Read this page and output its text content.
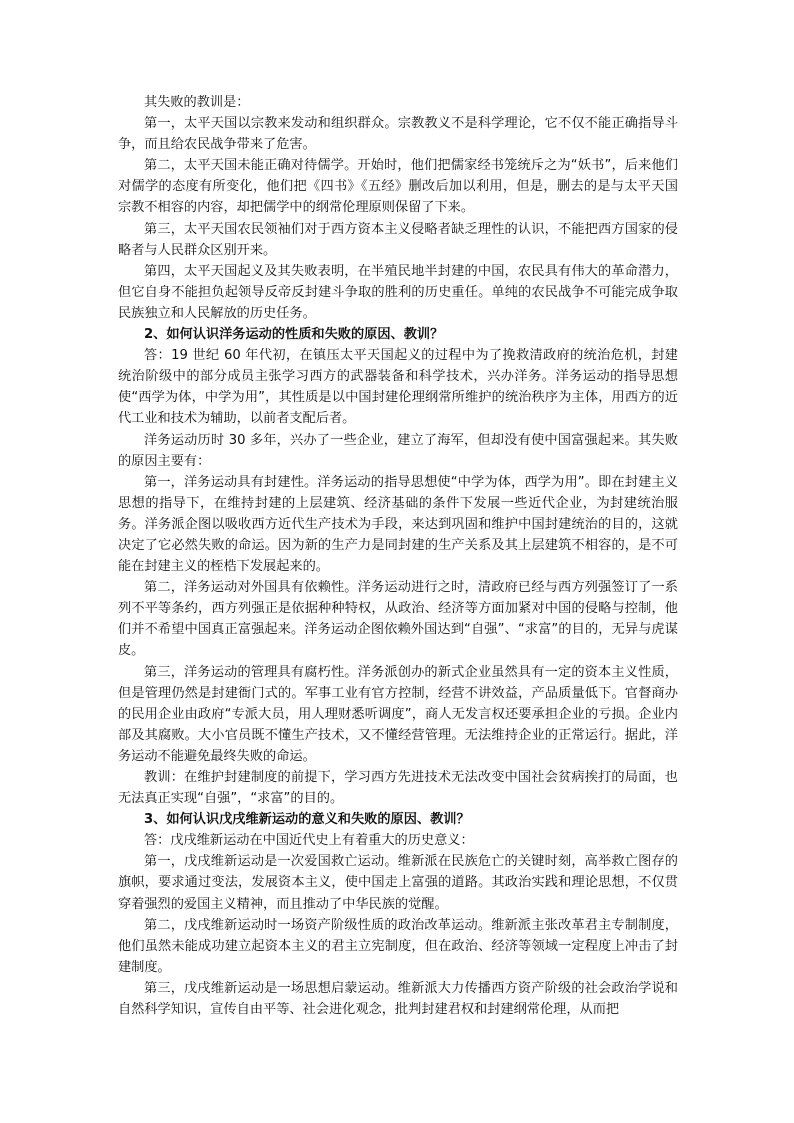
其失败的教训是：

第一，太平天国以宗教来发动和组织群众。宗教教义不是科学理论，它不仅不能正确指导斗争，而且给农民战争带来了危害。

第二，太平天国未能正确对待儒学。开始时，他们把儒家经书笼统斥之为“妖书”，后来他们对儒学的态度有所变化，他们把《四书》《五经》删改后加以利用，但是，删去的是与太平天国宗教不相容的内容，却把儒学中的纲常伦理原则保留了下来。

第三，太平天国农民领袖们对于西方资本主义侵略者缺乏理性的认识，不能把西方国家的侵略者与人民群众区别开来。

第四，太平天国起义及其失败表明，在半殖民地半封建的中国，农民具有伟大的革命潜力，但它自身不能担负起领导反帝反封建斗争取的胜利的历史重任。单纯的农民战争不可能完成争取民族独立和人民解放的历史任务。

2、如何认识洋务运动的性质和失败的原因、教训？

答：19 世纪 60 年代初，在镇压太平天国起义的过程中为了挽救清政府的统治危机，封建统治阶级中的部分成员主张学习西方的武器装备和科学技术，兴办洋务。洋务运动的指导思想使“西学为体，中学为用”，其性质是以中国封建伦理纲常所维护的统治秩序为主体，用西方的近代工业和技术为辅助，以前者支配后者。

洋务运动历时 30 多年，兴办了一些企业，建立了海军，但却没有使中国富强起来。其失败的原因主要有：

第一，洋务运动具有封建性。洋务运动的指导思想使“中学为体，西学为用”。即在封建主义思想的指导下，在维持封建的上层建筑、经济基础的条件下发展一些近代企业，为封建统治服务。洋务派企图以吸收西方近代生产技术为手段，来达到巩固和维护中国封建统治的目的，这就决定了它必然失败的命运。因为新的生产力是同封建的生产关系及其上层建筑不相容的，是不可能在封建主义的桎梏下发展起来的。

第二，洋务运动对外国具有依赖性。洋务运动进行之时，清政府已经与西方列强签订了一系列不平等条约，西方列强正是依据种种特权，从政治、经济等方面加紧对中国的侵略与控制，他们并不希望中国真正富强起来。洋务运动企图依赖外国达到“自强”、“求富”的目的，无异与虎谋皮。

第三，洋务运动的管理具有腐朽性。洋务派创办的新式企业虽然具有一定的资本主义性质，但是管理仍然是封建衙门式的。军事工业有官方控制，经营不讲效益，产品质量低下。官督商办的民用企业由政府“专派大员，用人理财悉听调度”，商人无发言权还要承担企业的亏损。企业内部及其腐败。大小官员既不懂生产技术，又不懂经营管理。无法维持企业的正常运行。据此，洋务运动不能避免最终失败的命运。

教训：在维护封建制度的前提下，学习西方先进技术无法改变中国社会贫病挨打的局面，也无法真正实现“自强”，“求富”的目的。

3、如何认识戊戌维新运动的意义和失败的原因、教训？

答：戊戌维新运动在中国近代史上有着重大的历史意义：

第一，戊戌维新运动是一次爱国救亡运动。维新派在民族危亡的关键时刻，高举救亡图存的旗帜，要求通过变法，发展资本主义，使中国走上富强的道路。其政治实践和理论思想，不仅贯穿着强烈的爱国主义精神，而且推动了中华民族的觉醒。

第二，戊戌维新运动时一场资产阶级性质的政治改革运动。维新派主张改革君主专制制度，他们虽然未能成功建立起资本主义的君主立宪制度，但在政治、经济等领域一定程度上冲击了封建制度。

第三，戊戌维新运动是一场思想启蒙运动。维新派大力传播西方资产阶级的社会政治学说和自然科学知识，宣传自由平等、社会进化观念，批判封建君权和封建纲常伦理，从而把
